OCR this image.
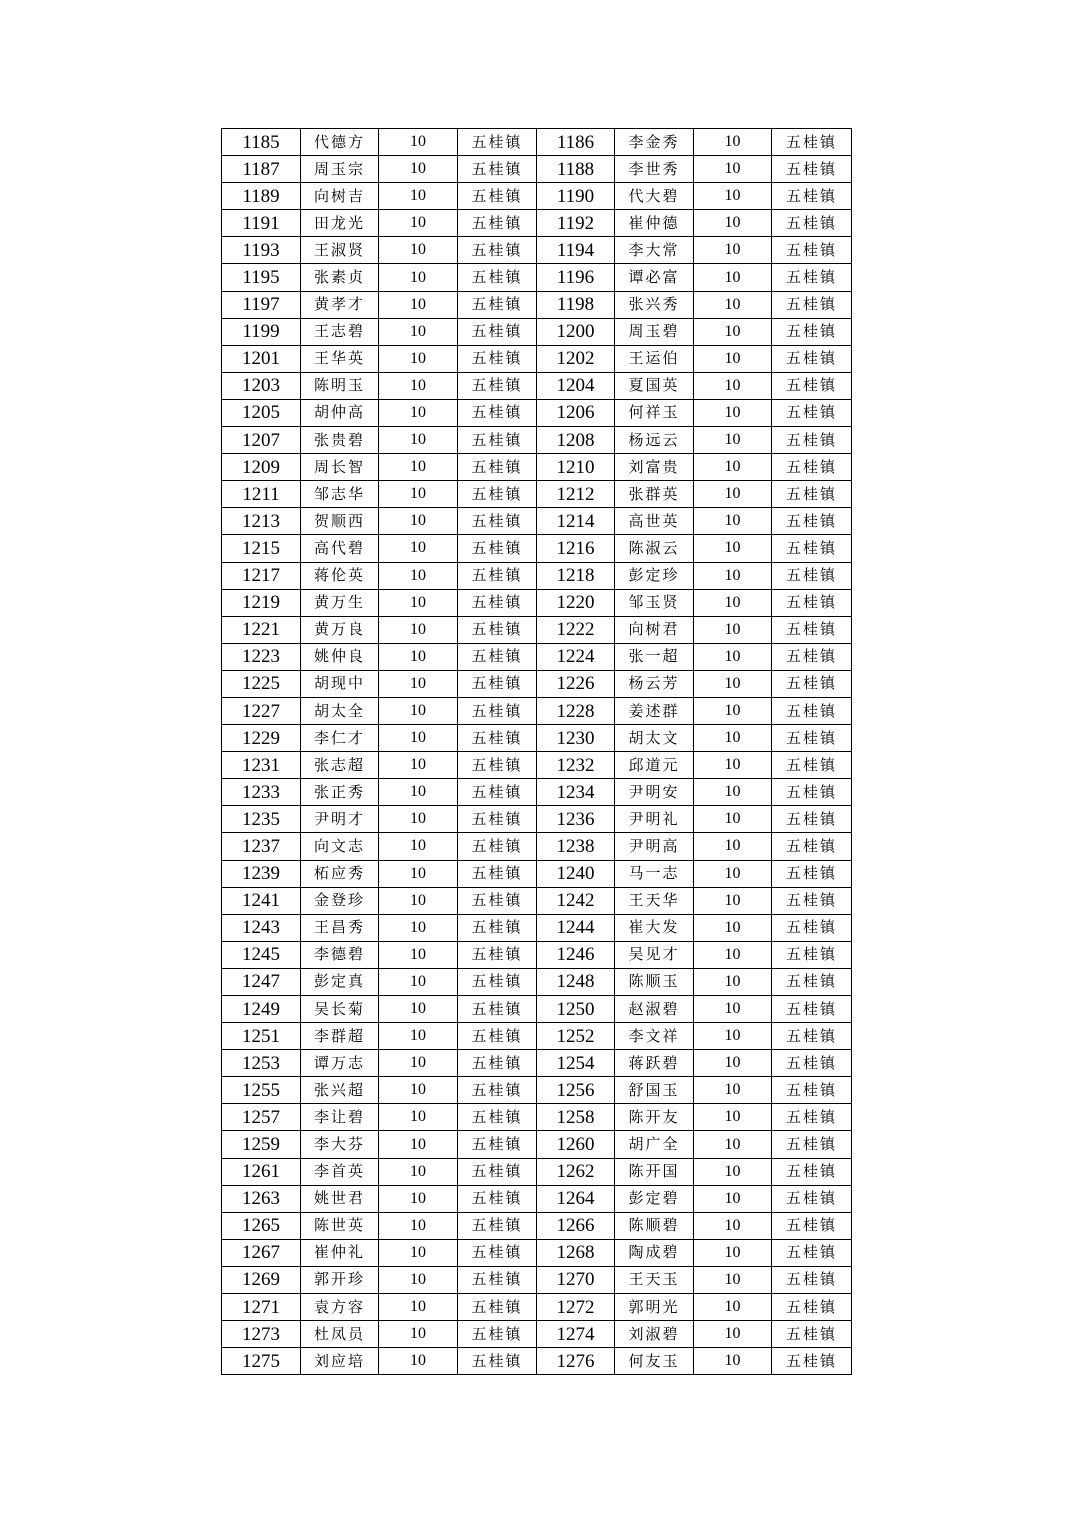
1185	代德方	10	五桂镇	1186	李金秀	10	五桂镇
1187	周玉宗	10	五桂镇	1188	李世秀	10	五桂镇
1189	向树吉	10	五桂镇	1190	代大碧	10	五桂镇
1191	田龙光	10	五桂镇	1192	崔仲德	10	五桂镇
1193	王淑贤	10	五桂镇	1194	李大常	10	五桂镇
1195	张素贞	10	五桂镇	1196	谭必富	10	五桂镇
1197	黄孝才	10	五桂镇	1198	张兴秀	10	五桂镇
1199	王志碧	10	五桂镇	1200	周玉碧	10	五桂镇
1201	王华英	10	五桂镇	1202	王运伯	10	五桂镇
1203	陈明玉	10	五桂镇	1204	夏国英	10	五桂镇
1205	胡仲高	10	五桂镇	1206	何祥玉	10	五桂镇
1207	张贵碧	10	五桂镇	1208	杨远云	10	五桂镇
1209	周长智	10	五桂镇	1210	刘富贵	10	五桂镇
1211	邹志华	10	五桂镇	1212	张群英	10	五桂镇
1213	贺顺西	10	五桂镇	1214	高世英	10	五桂镇
1215	高代碧	10	五桂镇	1216	陈淑云	10	五桂镇
1217	蒋伦英	10	五桂镇	1218	彭定珍	10	五桂镇
1219	黄万生	10	五桂镇	1220	邹玉贤	10	五桂镇
1221	黄万良	10	五桂镇	1222	向树君	10	五桂镇
1223	姚仲良	10	五桂镇	1224	张一超	10	五桂镇
1225	胡现中	10	五桂镇	1226	杨云芳	10	五桂镇
1227	胡太全	10	五桂镇	1228	姜述群	10	五桂镇
1229	李仁才	10	五桂镇	1230	胡太文	10	五桂镇
1231	张志超	10	五桂镇	1232	邱道元	10	五桂镇
1233	张正秀	10	五桂镇	1234	尹明安	10	五桂镇
1235	尹明才	10	五桂镇	1236	尹明礼	10	五桂镇
1237	向文志	10	五桂镇	1238	尹明高	10	五桂镇
1239	柘应秀	10	五桂镇	1240	马一志	10	五桂镇
1241	金登珍	10	五桂镇	1242	王天华	10	五桂镇
1243	王昌秀	10	五桂镇	1244	崔大发	10	五桂镇
1245	李德碧	10	五桂镇	1246	吴见才	10	五桂镇
1247	彭定真	10	五桂镇	1248	陈顺玉	10	五桂镇
1249	吴长菊	10	五桂镇	1250	赵淑碧	10	五桂镇
1251	李群超	10	五桂镇	1252	李文祥	10	五桂镇
1253	谭万志	10	五桂镇	1254	蒋跃碧	10	五桂镇
1255	张兴超	10	五桂镇	1256	舒国玉	10	五桂镇
1257	李让碧	10	五桂镇	1258	陈开友	10	五桂镇
1259	李大芬	10	五桂镇	1260	胡广全	10	五桂镇
1261	李首英	10	五桂镇	1262	陈开国	10	五桂镇
1263	姚世君	10	五桂镇	1264	彭定碧	10	五桂镇
1265	陈世英	10	五桂镇	1266	陈顺碧	10	五桂镇
1267	崔仲礼	10	五桂镇	1268	陶成碧	10	五桂镇
1269	郭开珍	10	五桂镇	1270	王天玉	10	五桂镇
1271	袁方容	10	五桂镇	1272	郭明光	10	五桂镇
1273	杜凤员	10	五桂镇	1274	刘淑碧	10	五桂镇
1275	刘应培	10	五桂镇	1276	何友玉	10	五桂镇
